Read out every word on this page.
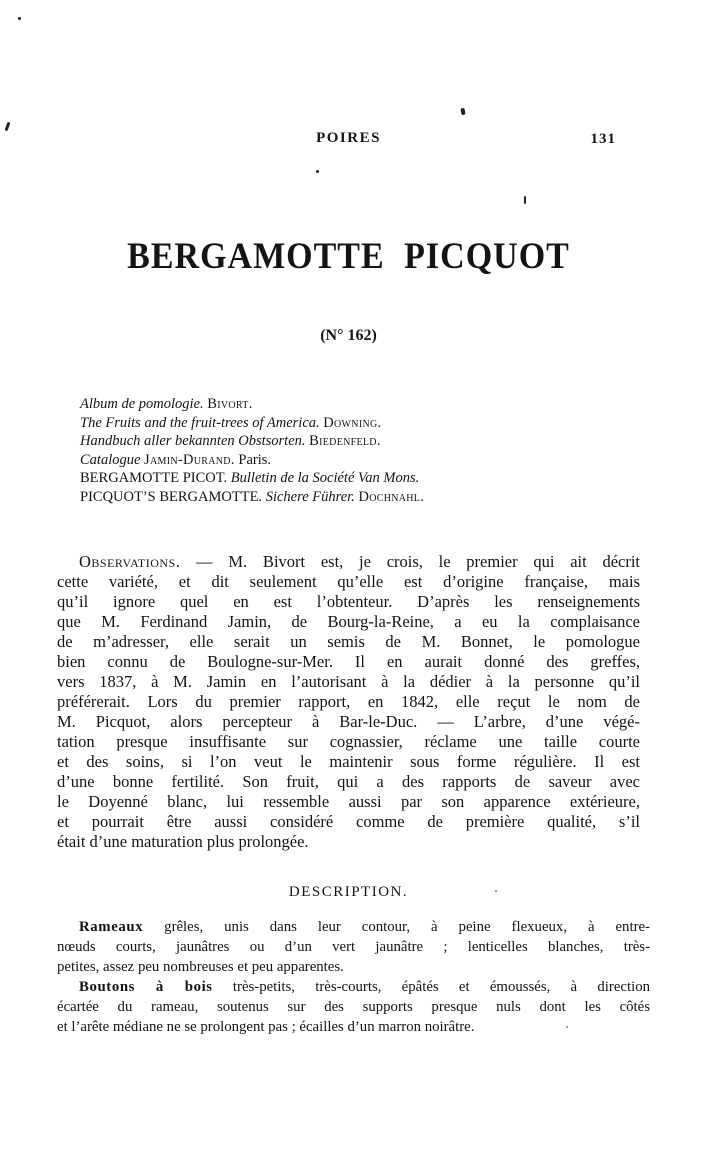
POIRES	131
BERGAMOTTE PICQUOT
(N° 162)
Album de pomologie. Bivort.
The Fruits and the fruit-trees of America. Downing.
Handbuch aller bekannten Obstsorten. Biedenfeld.
Catalogue Jamin-Durand. Paris.
BERGAMOTTE PICOT. Bulletin de la Société Van Mons.
PICQUOT’S BERGAMOTTE. Sichere Führer. Dochnahl.
Observations. — M. Bivort est, je crois, le premier qui ait décrit
cette variété, et dit seulement qu’elle est d’origine française, mais
qu’il ignore quel en est l’obtenteur. D’après les renseignements
que M. Ferdinand Jamin, de Bourg-la-Reine, a eu la complaisance
de m’adresser, elle serait un semis de M. Bonnet, le pomologue
bien connu de Boulogne-sur-Mer. Il en aurait donné des greffes,
vers 1837, à M. Jamin en l’autorisant à la dédier à la personne qu’il
préférerait. Lors du premier rapport, en 1842, elle reçut le nom de
M. Picquot, alors percepteur à Bar-le-Duc. — L’arbre, d’une végé-
tation presque insuffisante sur cognassier, réclame une taille courte
et des soins, si l’on veut le maintenir sous forme régulière. Il est
d’une bonne fertilité. Son fruit, qui a des rapports de saveur avec
le Doyenné blanc, lui ressemble aussi par son apparence extérieure,
et pourrait être aussi considéré comme de première qualité, s’il
était d’une maturation plus prolongée.
DESCRIPTION.
Rameaux grêles, unis dans leur contour, à peine flexueux, à entre-
nœuds courts, jaunâtres ou d’un vert jaunâtre ; lenticelles blanches, très-
petites, assez peu nombreuses et peu apparentes.
Boutons à bois très-petits, très-courts, épâtés et émoussés, à direction
écartée du rameau, soutenus sur des supports presque nuls dont les côtés
et l’arête médiane ne se prolongent pas ; écailles d’un marron noirâtre.
